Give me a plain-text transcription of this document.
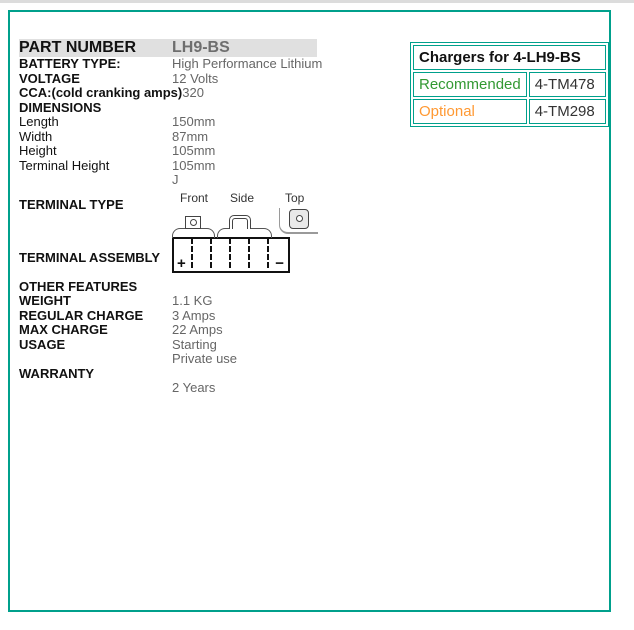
PART NUMBER	LH9-BS
BATTERY TYPE:	High Performance Lithium
VOLTAGE	12 Volts
CCA:(cold cranking amps) 320
DIMENSIONS
Length	150mm
Width	87mm
Height	105mm
Terminal Height	105mm
J
TERMINAL TYPE
TERMINAL ASSEMBLY
Front Side	Top
+	−
OTHER FEATURES
WEIGHT	1.1 KG
REGULAR CHARGE	3 Amps
MAX CHARGE	22 Amps
USAGE	Starting
Private use
WARRANTY
2 Years
Chargers for 4-LH9-BS	
Recommended	4-TM478
Optional	4-TM298
